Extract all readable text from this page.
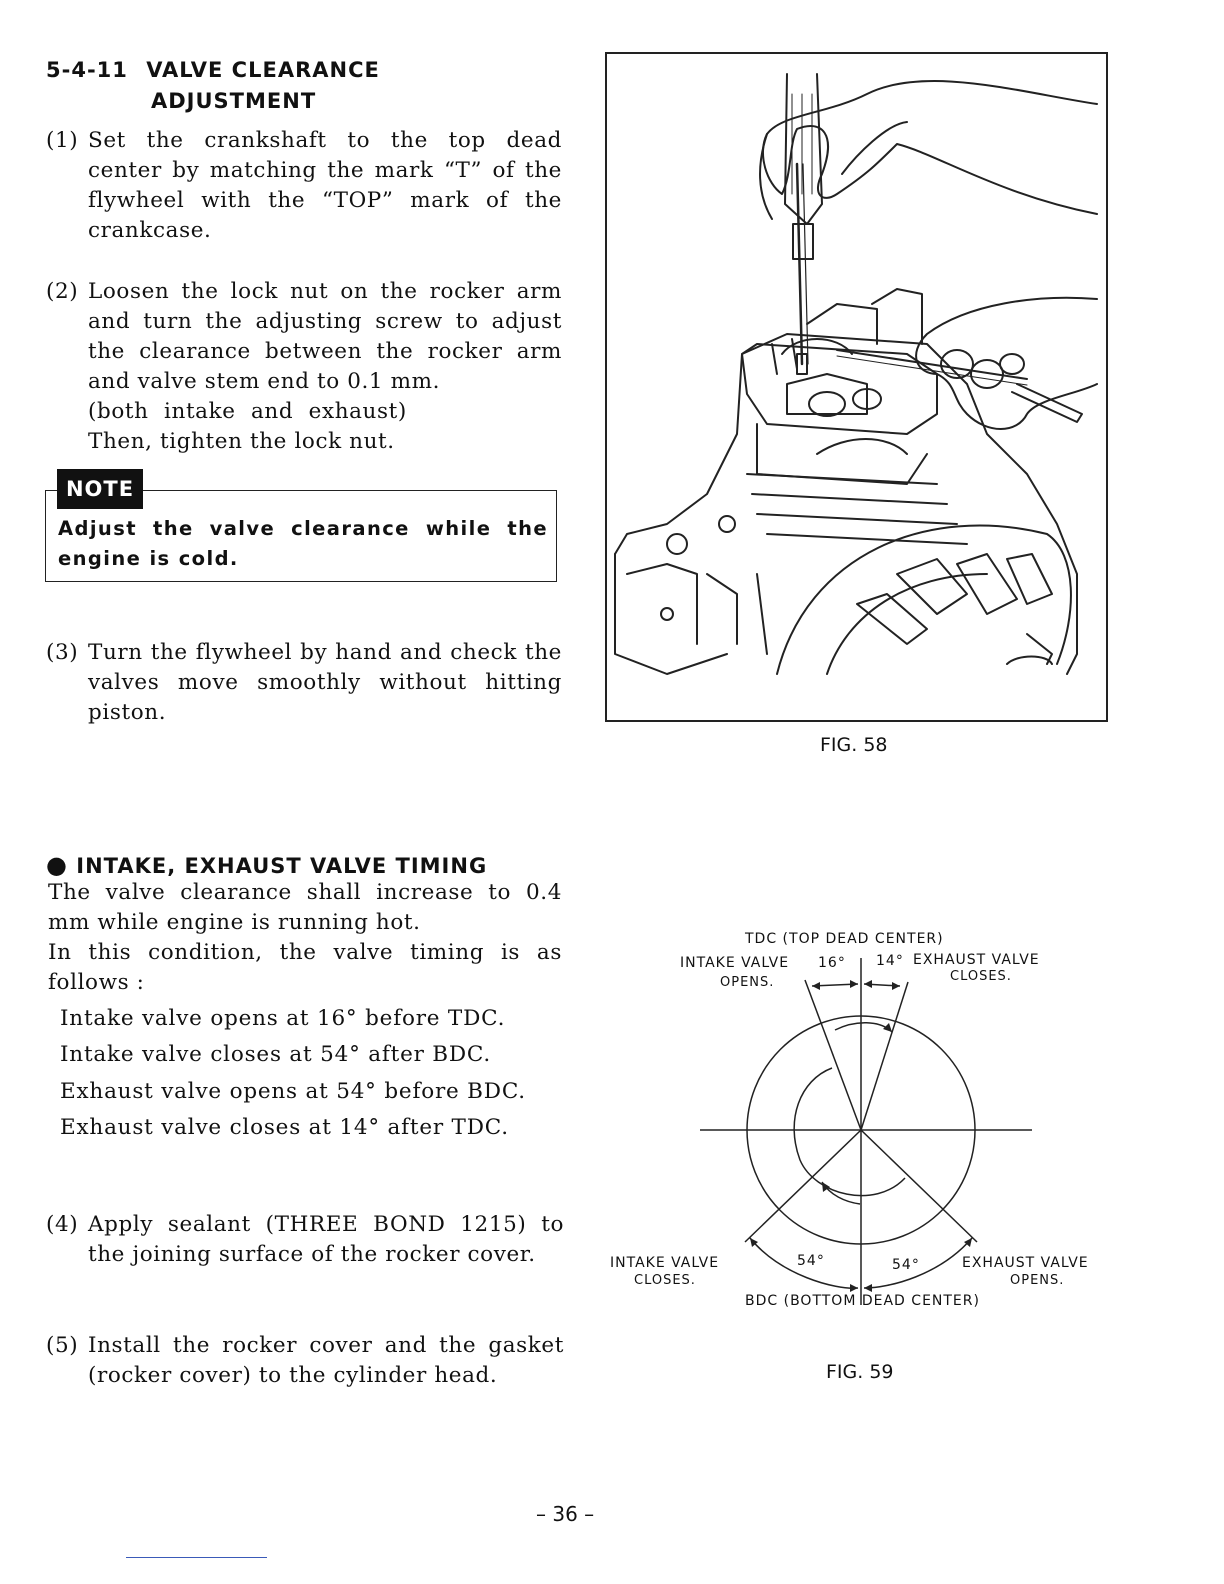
5-4-11 VALVE CLEARANCE
ADJUSTMENT
(1) Set the crankshaft to the top dead center by matching the mark “T” of the flywheel with the “TOP” mark of the crankcase.

(2) Loosen the lock nut on the rocker arm and turn the adjusting screw to adjust the clearance between the rocker arm and valve stem end to 0.1 mm.

(both intake and exhaust)

Then, tighten the lock nut.

NOTE
Adjust the valve clearance while the engine is cold.
(3) Turn the flywheel by hand and check the valves move smoothly without hitting piston.

● INTAKE, EXHAUST VALVE TIMING

The valve clearance shall increase to 0.4 mm while engine is running hot.

In this condition, the valve timing is as follows :

Intake valve opens at 16° before TDC.
Intake valve closes at 54° after BDC.
Exhaust valve opens at 54° before BDC.
Exhaust valve closes at 14° after TDC.
(4) Apply sealant (THREE BOND 1215) to the joining surface of the rocker cover.

(5) Install the rocker cover and the gasket (rocker cover) to the cylinder head.

FIG. 58
TDC (TOP DEAD CENTER)
INTAKE VALVE
OPENS.
16° 14° EXHAUST VALVE
CLOSES.
INTAKE VALVE
CLOSES.
54°	54°	EXHAUST VALVE
OPENS.
BDC (BOTTOM DEAD CENTER)
FIG. 59
– 36 –
